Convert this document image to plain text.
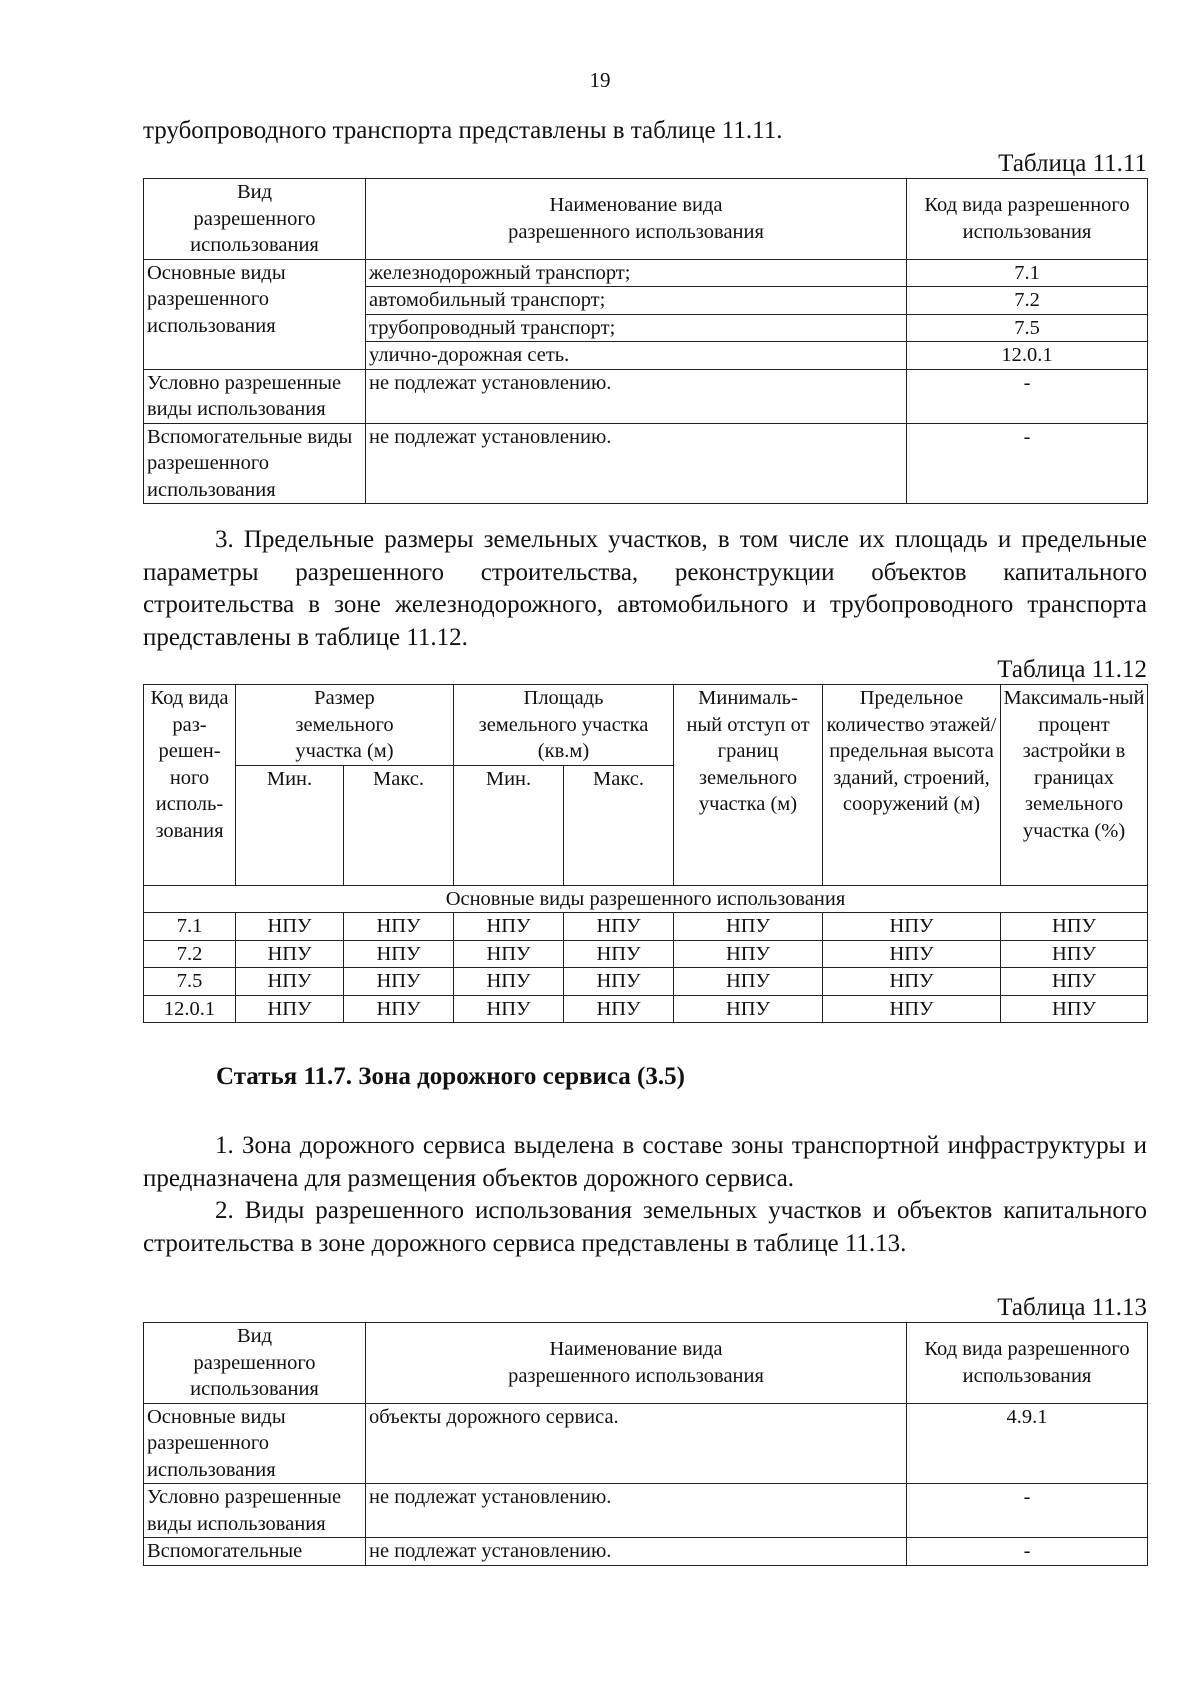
19

трубопроводного транспорта представлены в таблице 11.11.

Таблица 11.11

Вид разрешенного использования	Наименование вида разрешенного использования	Код вида разрешенного использования
Основные виды разрешенного использования	железнодорожный транспорт;	7.1
	автомобильный транспорт;	7.2
	трубопроводный транспорт;	7.5
	улично-дорожная сеть.	12.0.1
Условно разрешенные виды использования	не подлежат установлению.	-
Вспомогательные виды разрешенного использования	не подлежат установлению.	-

3. Предельные размеры земельных участков, в том числе их площадь и предельные параметры разрешенного строительства, реконструкции объектов капитального строительства в зоне железнодорожного, автомобильного и трубопроводного транспорта представлены в таблице 11.12.

Таблица 11.12

Код вида раз-решен-ного исполь-зования	Размер земельного участка (м)		Площадь земельного участка (кв.м)		Минималь-ный отступ от границ земельного участка (м)	Предельное количество этажей/ предельная высота зданий, строений, сооружений (м)	Максималь-ный процент застройки в границах земельного участка (%)
	Мин.	Макс.	Мин.	Макс.			
Основные виды разрешенного использования							
7.1	НПУ	НПУ	НПУ	НПУ	НПУ	НПУ	НПУ
7.2	НПУ	НПУ	НПУ	НПУ	НПУ	НПУ	НПУ
7.5	НПУ	НПУ	НПУ	НПУ	НПУ	НПУ	НПУ
12.0.1	НПУ	НПУ	НПУ	НПУ	НПУ	НПУ	НПУ
Статья 11.7. Зона дорожного сервиса (3.5)

1. Зона дорожного сервиса выделена в составе зоны транспортной инфраструктуры и предназначена для размещения объектов дорожного сервиса.

2. Виды разрешенного использования земельных участков и объектов капитального строительства в зоне дорожного сервиса представлены в таблице 11.13.

Таблица 11.13

Вид разрешенного использования	Наименование вида разрешенного использования	Код вида разрешенного использования
Основные виды разрешенного использования	объекты дорожного сервиса.	4.9.1
Условно разрешенные виды использования	не подлежат установлению.	-
Вспомогательные	не подлежат установлению.	-
